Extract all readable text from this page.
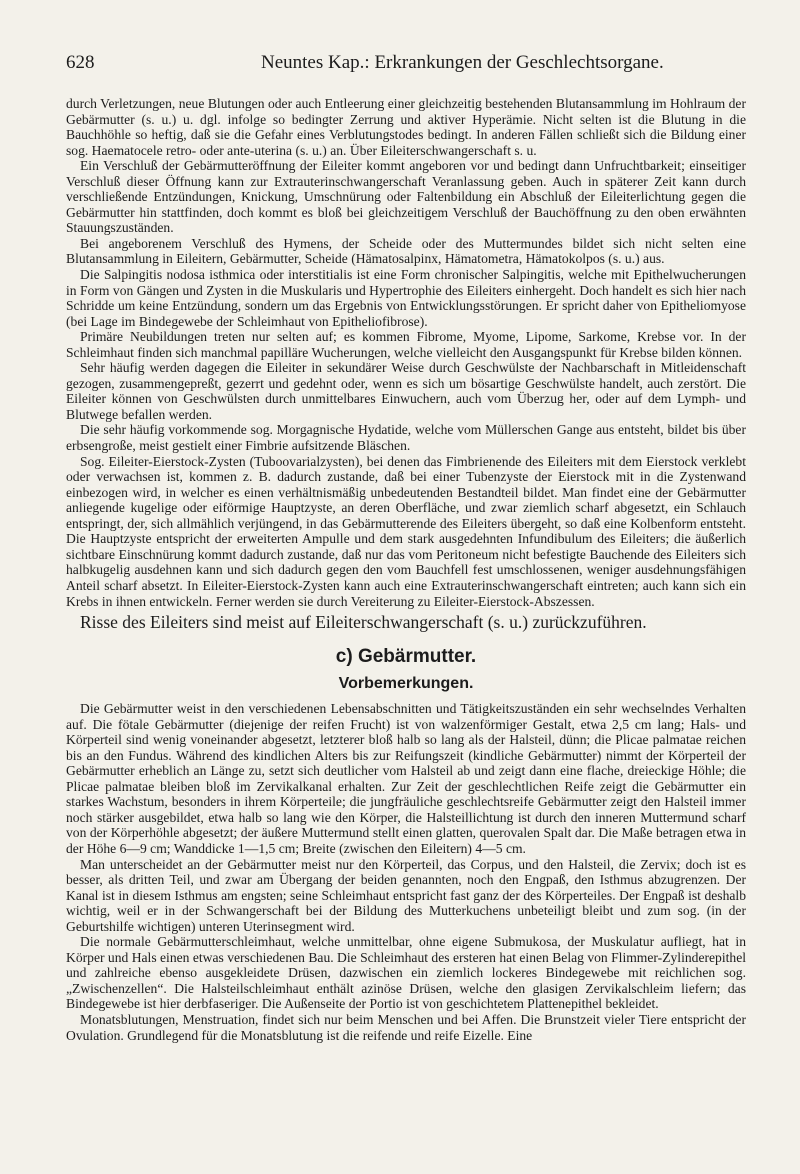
628	Neuntes Kap.: Erkrankungen der Geschlechtsorgane.

durch Verletzungen, neue Blutungen oder auch Entleerung einer gleichzeitig bestehenden Blutansammlung im Hohlraum der Gebärmutter (s. u.) u. dgl. infolge so bedingter Zerrung und aktiver Hyperämie. Nicht selten ist die Blutung in die Bauchhöhle so heftig, daß sie die Gefahr eines Verblutungstodes bedingt. In anderen Fällen schließt sich die Bildung einer sog. Haematocele retro- oder ante-uterina (s. u.) an. Über Eileiterschwangerschaft s. u.

Ein Verschluß der Gebärmutteröffnung der Eileiter kommt angeboren vor und bedingt dann Unfruchtbarkeit; einseitiger Verschluß dieser Öffnung kann zur Extrauterinschwangerschaft Veranlassung geben. Auch in späterer Zeit kann durch verschließende Entzündungen, Knickung, Umschnürung oder Faltenbildung ein Abschluß der Eileiterlichtung gegen die Gebärmutter hin stattfinden, doch kommt es bloß bei gleichzeitigem Verschluß der Bauchöffnung zu den oben erwähnten Stauungszuständen.

Bei angeborenem Verschluß des Hymens, der Scheide oder des Muttermundes bildet sich nicht selten eine Blutansammlung in Eileitern, Gebärmutter, Scheide (Hämatosalpinx, Hämatometra, Hämatokolpos (s. u.) aus.

Die Salpingitis nodosa isthmica oder interstitialis ist eine Form chronischer Salpingitis, welche mit Epithelwucherungen in Form von Gängen und Zysten in die Muskularis und Hypertrophie des Eileiters einhergeht. Doch handelt es sich hier nach Schridde um keine Entzündung, sondern um das Ergebnis von Entwicklungsstörungen. Er spricht daher von Epitheliomyose (bei Lage im Bindegewebe der Schleimhaut von Epitheliofibrose).

Primäre Neubildungen treten nur selten auf; es kommen Fibrome, Myome, Lipome, Sarkome, Krebse vor. In der Schleimhaut finden sich manchmal papilläre Wucherungen, welche vielleicht den Ausgangspunkt für Krebse bilden können.

Sehr häufig werden dagegen die Eileiter in sekundärer Weise durch Geschwülste der Nachbarschaft in Mitleidenschaft gezogen, zusammengepreßt, gezerrt und gedehnt oder, wenn es sich um bösartige Geschwülste handelt, auch zerstört. Die Eileiter können von Geschwülsten durch unmittelbares Einwuchern, auch vom Überzug her, oder auf dem Lymph- und Blutwege befallen werden.

Die sehr häufig vorkommende sog. Morgagnische Hydatide, welche vom Müllerschen Gange aus entsteht, bildet bis über erbsengroße, meist gestielt einer Fimbrie aufsitzende Bläschen.

Sog. Eileiter-Eierstock-Zysten (Tuboovarialzysten), bei denen das Fimbrienende des Eileiters mit dem Eierstock verklebt oder verwachsen ist, kommen z. B. dadurch zustande, daß bei einer Tubenzyste der Eierstock mit in die Zystenwand einbezogen wird, in welcher es einen verhältnismäßig unbedeutenden Bestandteil bildet. Man findet eine der Gebärmutter anliegende kugelige oder eiförmige Hauptzyste, an deren Oberfläche, und zwar ziemlich scharf abgesetzt, ein Schlauch entspringt, der, sich allmählich verjüngend, in das Gebärmutterende des Eileiters übergeht, so daß eine Kolbenform entsteht. Die Hauptzyste entspricht der erweiterten Ampulle und dem stark ausgedehnten Infundibulum des Eileiters; die äußerlich sichtbare Einschnürung kommt dadurch zustande, daß nur das vom Peritoneum nicht befestigte Bauchende des Eileiters sich halbkugelig ausdehnen kann und sich dadurch gegen den vom Bauchfell fest umschlossenen, weniger ausdehnungsfähigen Anteil scharf absetzt. In Eileiter-Eierstock-Zysten kann auch eine Extrauterinschwangerschaft eintreten; auch kann sich ein Krebs in ihnen entwickeln. Ferner werden sie durch Vereiterung zu Eileiter-Eierstock-Abszessen.

Risse des Eileiters sind meist auf Eileiterschwangerschaft (s. u.) zurückzuführen.

c) Gebärmutter.
Vorbemerkungen.

Die Gebärmutter weist in den verschiedenen Lebensabschnitten und Tätigkeitszuständen ein sehr wechselndes Verhalten auf. Die fötale Gebärmutter (diejenige der reifen Frucht) ist von walzenförmiger Gestalt, etwa 2,5 cm lang; Hals- und Körperteil sind wenig voneinander abgesetzt, letzterer bloß halb so lang als der Halsteil, dünn; die Plicae palmatae reichen bis an den Fundus. Während des kindlichen Alters bis zur Reifungszeit (kindliche Gebärmutter) nimmt der Körperteil der Gebärmutter erheblich an Länge zu, setzt sich deutlicher vom Halsteil ab und zeigt dann eine flache, dreieckige Höhle; die Plicae palmatae bleiben bloß im Zervikalkanal erhalten. Zur Zeit der geschlechtlichen Reife zeigt die Gebärmutter ein starkes Wachstum, besonders in ihrem Körperteile; die jungfräuliche geschlechtsreife Gebärmutter zeigt den Halsteil immer noch stärker ausgebildet, etwa halb so lang wie den Körper, die Halsteillichtung ist durch den inneren Muttermund scharf von der Körperhöhle abgesetzt; der äußere Muttermund stellt einen glatten, querovalen Spalt dar. Die Maße betragen etwa in der Höhe 6—9 cm; Wanddicke 1—1,5 cm; Breite (zwischen den Eileitern) 4—5 cm.

Man unterscheidet an der Gebärmutter meist nur den Körperteil, das Corpus, und den Halsteil, die Zervix; doch ist es besser, als dritten Teil, und zwar am Übergang der beiden genannten, noch den Engpaß, den Isthmus abzugrenzen. Der Kanal ist in diesem Isthmus am engsten; seine Schleimhaut entspricht fast ganz der des Körperteiles. Der Engpaß ist deshalb wichtig, weil er in der Schwangerschaft bei der Bildung des Mutterkuchens unbeteiligt bleibt und zum sog. (in der Geburtshilfe wichtigen) unteren Uterinsegment wird.

Die normale Gebärmutterschleimhaut, welche unmittelbar, ohne eigene Submukosa, der Muskulatur aufliegt, hat in Körper und Hals einen etwas verschiedenen Bau. Die Schleimhaut des ersteren hat einen Belag von Flimmer-Zylinderepithel und zahlreiche ebenso ausgekleidete Drüsen, dazwischen ein ziemlich lockeres Bindegewebe mit reichlichen sog. „Zwischenzellen“. Die Halsteilschleimhaut enthält azinöse Drüsen, welche den glasigen Zervikalschleim liefern; das Bindegewebe ist hier derbfaseriger. Die Außenseite der Portio ist von geschichtetem Plattenepithel bekleidet.

Monatsblutungen, Menstruation, findet sich nur beim Menschen und bei Affen. Die Brunstzeit vieler Tiere entspricht der Ovulation. Grundlegend für die Monatsblutung ist die reifende und reife Eizelle. Eine
